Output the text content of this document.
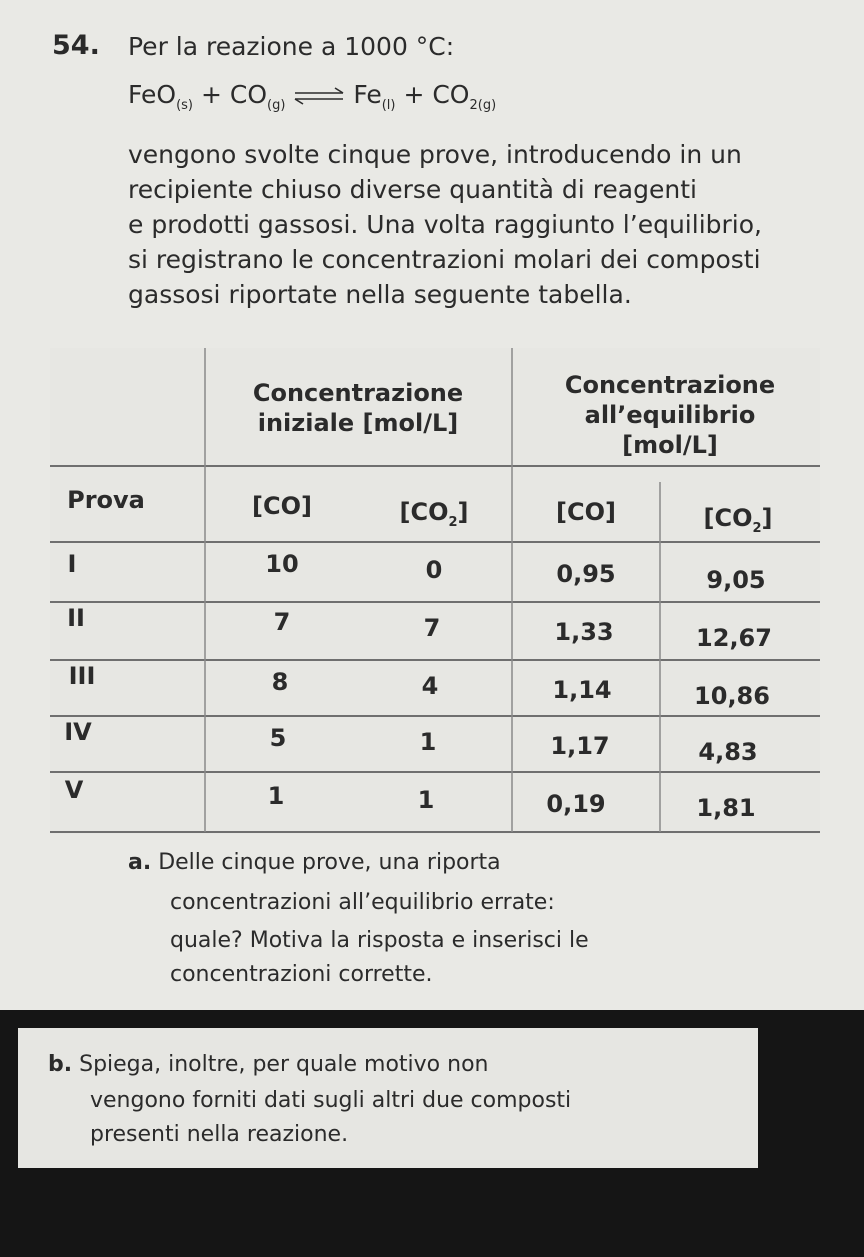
54. Per la reazione a 1000 °C:
$FeO_{(s)} + CO_{(g)}$ ⇌ $Fe_{(l)} + CO_{2(g)}$
vengono svolte cinque prove, introducendo in un
recipiente chiuso diverse quantità di reagenti
e prodotti gassosi. Una volta raggiunto l’equilibrio,
si registrano le concentrazioni molari dei composti
gassosi riportate nella seguente tabella.
Concentrazione
iniziale [mol/L]
Concentrazione
all’equilibrio
[mol/L]
Prova	[CO]	$[CO_2]$	[CO]	$[CO_2]$
I	10	0	0,95	9,05
II	7	7	1,33	12,67
III	8	4	1,14	10,86
IV	5	1	1,17	4,83
V	1	1	0,19	1,81
a. Delle cinque prove, una riporta
concentrazioni all’equilibrio errate:
quale? Motiva la risposta e inserisci le
concentrazioni corrette.
b. Spiega, inoltre, per quale motivo non
vengono forniti dati sugli altri due composti
presenti nella reazione.
